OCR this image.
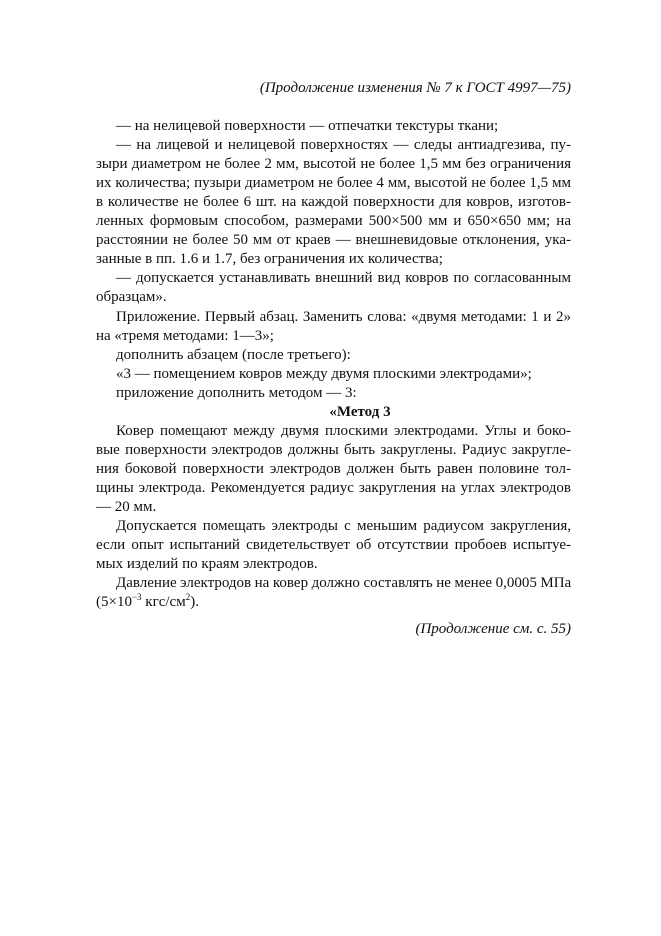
(Продолжение изменения № 7 к ГОСТ 4997—75)
— на нелицевой поверхности — отпечатки текстуры ткани;
— на лицевой и нелицевой поверхностях — следы антиадгезива, пу-
зыри диаметром не более 2 мм, высотой не более 1,5 мм без ограничения
их количества; пузыри диаметром не более 4 мм, высотой не более 1,5 мм
в количестве не более 6 шт. на каждой поверхности для ковров, изготов-
ленных формовым способом, размерами 500×500 мм и 650×650 мм; на
расстоянии не более 50 мм от краев — внешневидовые отклонения, ука-
занные в пп. 1.6 и 1.7, без ограничения их количества;
— допускается устанавливать внешний вид ковров по согласованным
образцам».
Приложение. Первый абзац. Заменить слова: «двумя методами: 1 и 2»
на «тремя методами: 1—3»;
дополнить абзацем (после третьего):
«3 — помещением ковров между двумя плоскими электродами»;
приложение дополнить методом — 3:
«Метод 3
Ковер помещают между двумя плоскими электродами. Углы и боко-
вые поверхности электродов должны быть закруглены. Радиус закругле-
ния боковой поверхности электродов должен быть равен половине тол-
щины электрода. Рекомендуется радиус закругления на углах электродов
— 20 мм.
Допускается помещать электроды с меньшим радиусом закругления,
если опыт испытаний свидетельствует об отсутствии пробоев испытуе-
мых изделий по краям электродов.
Давление электродов на ковер должно составлять не менее 0,0005 МПа
($5\times 10^{-3}$ кгс/$см^2$).
(Продолжение см. с. 55)
